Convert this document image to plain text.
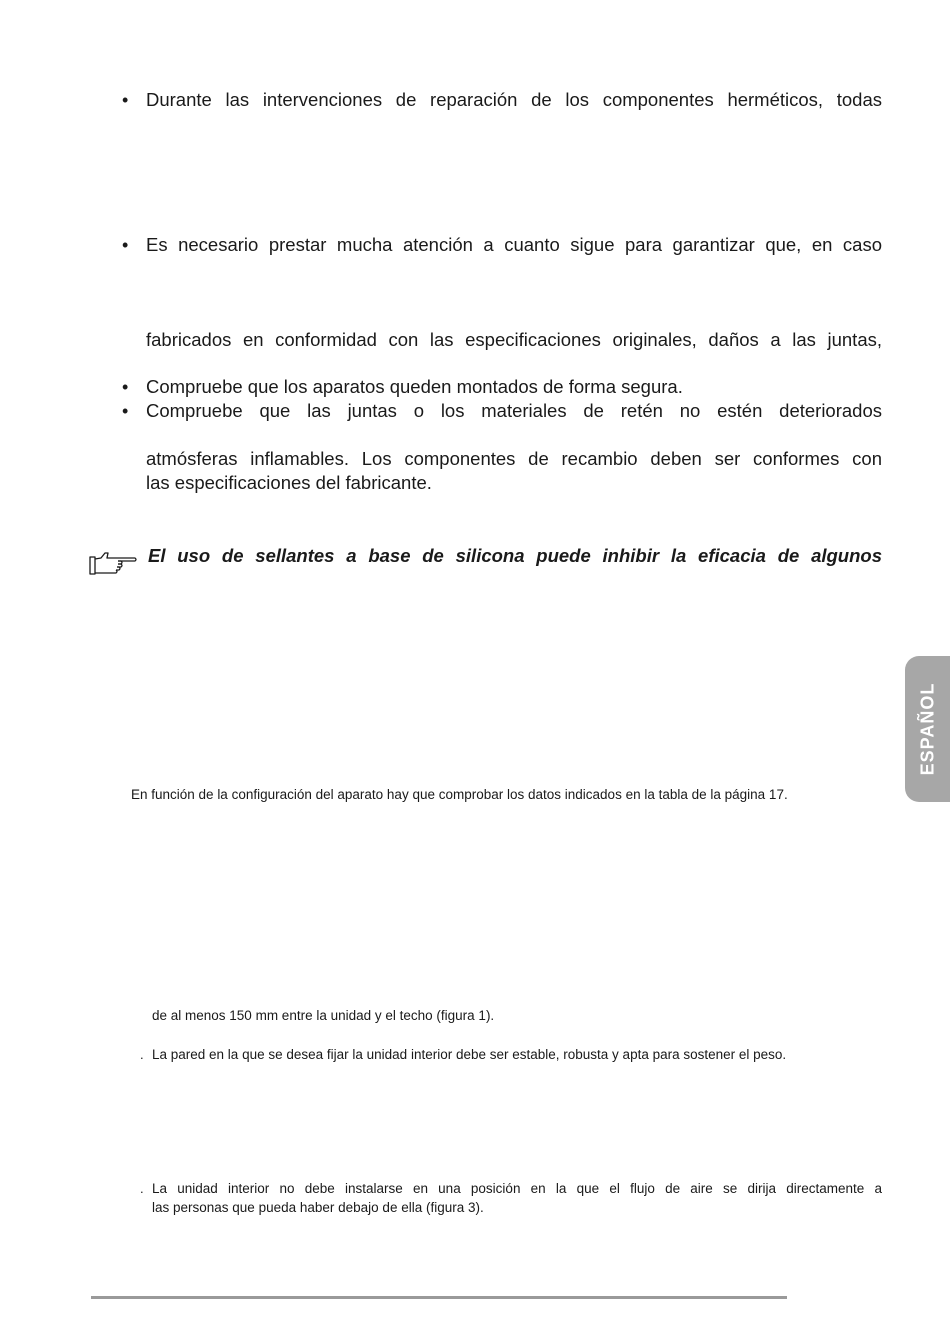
• Durante las intervenciones de reparación de los componentes herméticos, todas
• Es necesario prestar mucha atención a cuanto sigue para garantizar que, en caso
fabricados en conformidad con las especificaciones originales, daños a las juntas,
• Compruebe que los aparatos queden montados de forma segura.
• Compruebe que las juntas o los materiales de retén no estén deteriorados
atmósferas inflamables. Los componentes de recambio deben ser conformes con
las especificaciones del fabricante.
El uso de sellantes a base de silicona puede inhibir la eficacia de algunos
ESPAÑOL
En función de la configuración del aparato hay que comprobar los datos indicados en la tabla de la página 17.
de al menos 150 mm entre la unidad y el techo (figura 1).
. La pared en la que se desea fijar la unidad interior debe ser estable, robusta y apta para sostener el peso.
. La unidad interior no debe instalarse en una posición en la que el flujo de aire se dirija directamente a
las personas que pueda haber debajo de ella (figura 3).
